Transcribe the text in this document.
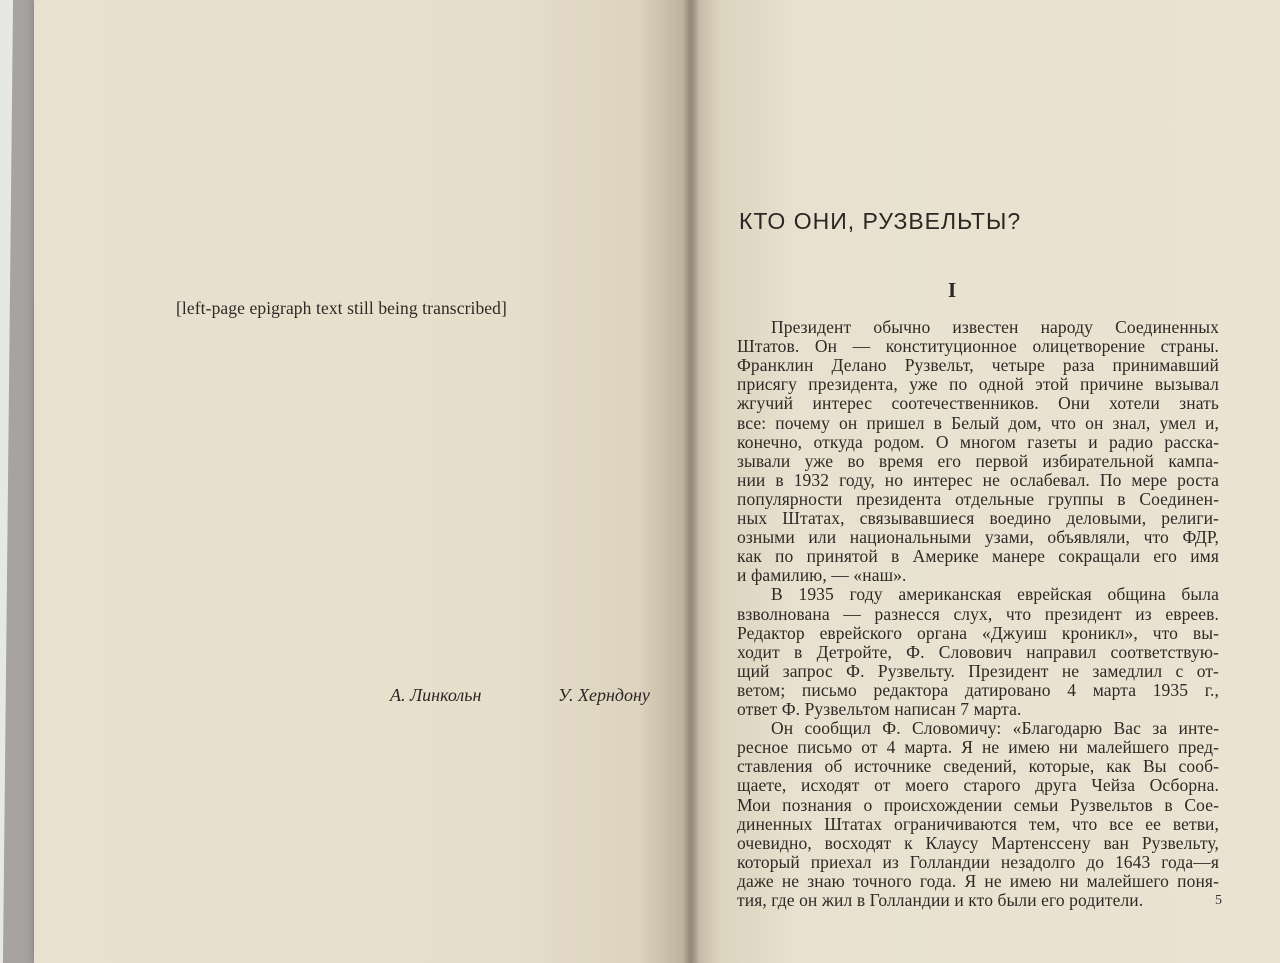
[left-page epigraph text still being transcribed]
А. Линкольн	У. Херндону
КТО ОНИ, РУЗВЕЛЬТЫ?
I
Президент обычно известен народу Соединенных
Штатов. Он — конституционное олицетворение страны.
Франклин Делано Рузвельт, четыре раза принимавший
присягу президента, уже по одной этой причине вызывал
жгучий интерес соотечественников. Они хотели знать
все: почему он пришел в Белый дом, что он знал, умел и,
конечно, откуда родом. О многом газеты и радио расска-
зывали уже во время его первой избирательной кампа-
нии в 1932 году, но интерес не ослабевал. По мере роста
популярности президента отдельные группы в Соединен-
ных Штатах, связывавшиеся воедино деловыми, религи-
озными или национальными узами, объявляли, что ФДР,
как по принятой в Америке манере сокращали его имя
и фамилию, — «наш».
В 1935 году американская еврейская община была
взволнована — разнесся слух, что президент из евреев.
Редактор еврейского органа «Джуиш кроникл», что вы-
ходит в Детройте, Ф. Словович направил соответствую-
щий запрос Ф. Рузвельту. Президент не замедлил с от-
ветом; письмо редактора датировано 4 марта 1935 г.,
ответ Ф. Рузвельтом написан 7 марта.
Он сообщил Ф. Словомичу: «Благодарю Вас за инте-
ресное письмо от 4 марта. Я не имею ни малейшего пред-
ставления об источнике сведений, которые, как Вы сооб-
щаете, исходят от моего старого друга Чейза Осборна.
Мои познания о происхождении семьи Рузвельтов в Сое-
диненных Штатах ограничиваются тем, что все ее ветви,
очевидно, восходят к Клаусу Мартенссену ван Рузвельту,
который приехал из Голландии незадолго до 1643 года—я
даже не знаю точного года. Я не имею ни малейшего поня-
тия, где он жил в Голландии и кто были его родители.	5
